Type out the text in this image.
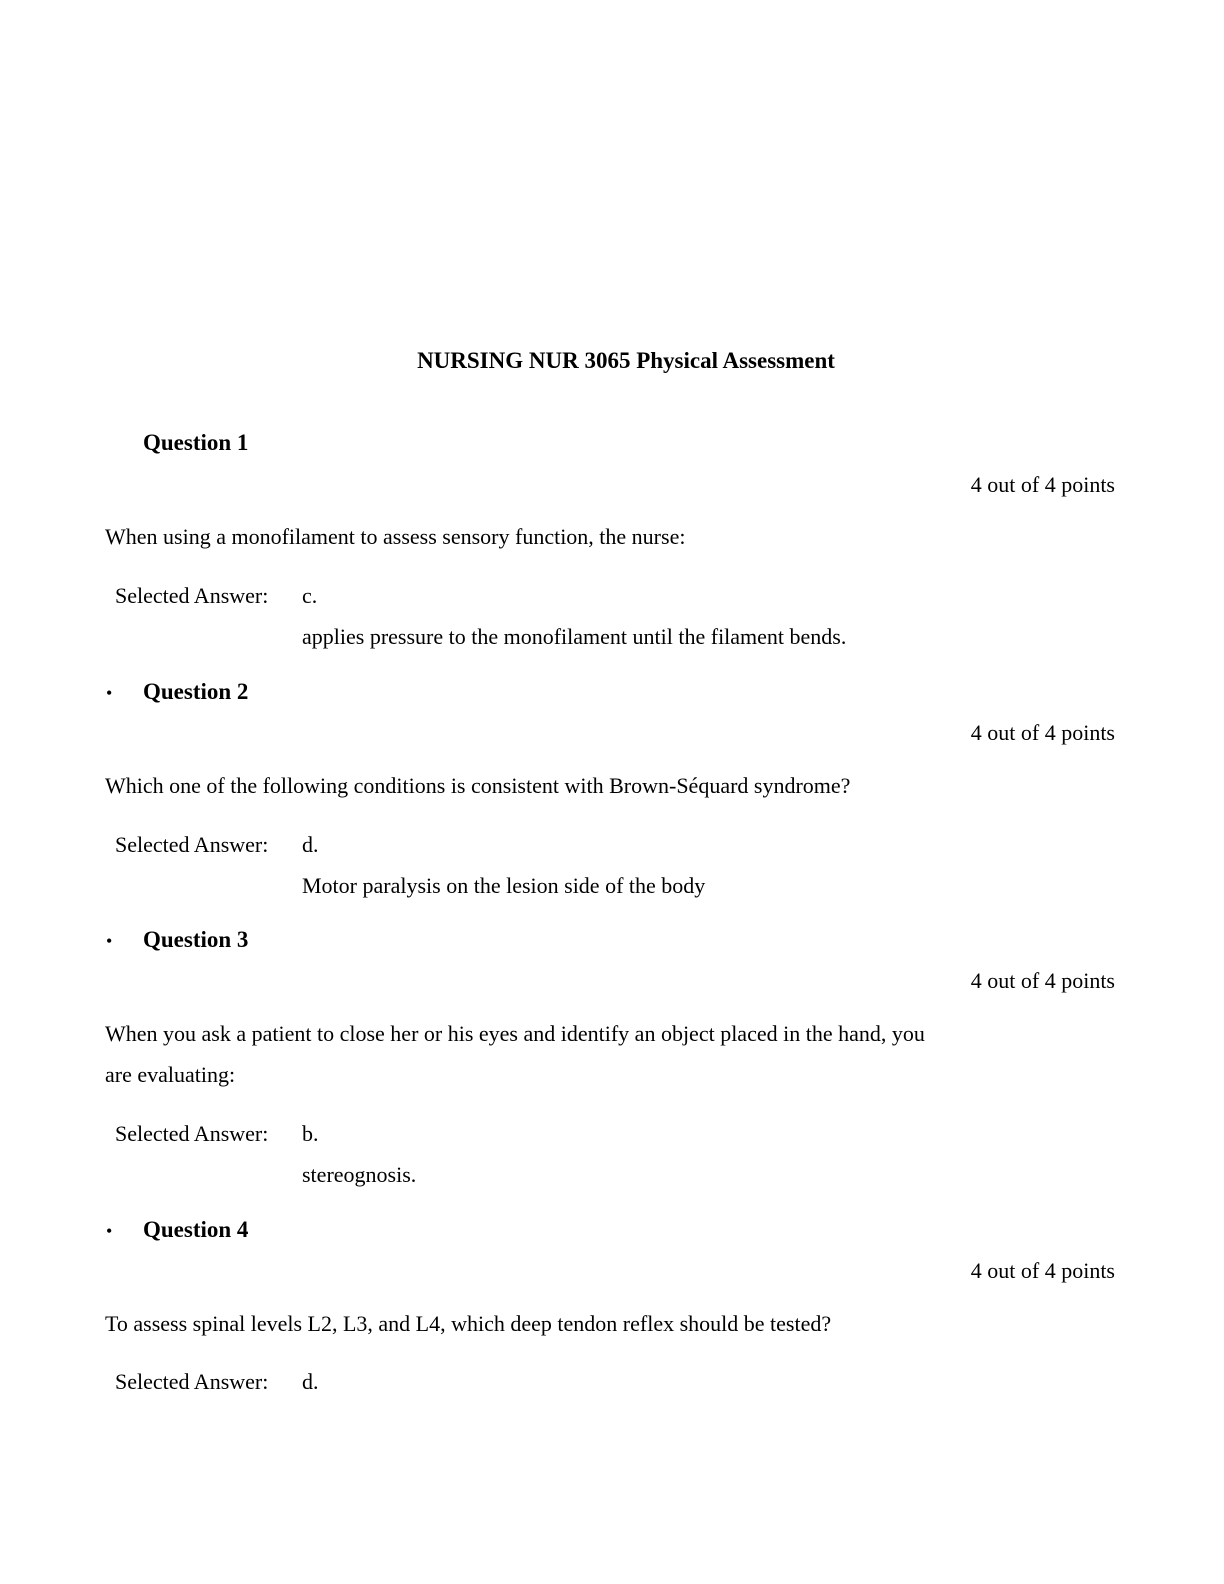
NURSING NUR 3065 Physical Assessment
Question 1
4 out of 4 points
When using a monofilament to assess sensory function, the nurse:
Selected Answer: c.
applies pressure to the monofilament until the filament bends.
• Question 2
4 out of 4 points
Which one of the following conditions is consistent with Brown-Séquard syndrome?
Selected Answer: d.
Motor paralysis on the lesion side of the body
• Question 3
4 out of 4 points
When you ask a patient to close her or his eyes and identify an object placed in the hand, you
are evaluating:
Selected Answer: b.
stereognosis.
• Question 4
4 out of 4 points
To assess spinal levels L2, L3, and L4, which deep tendon reflex should be tested?
Selected Answer: d.
